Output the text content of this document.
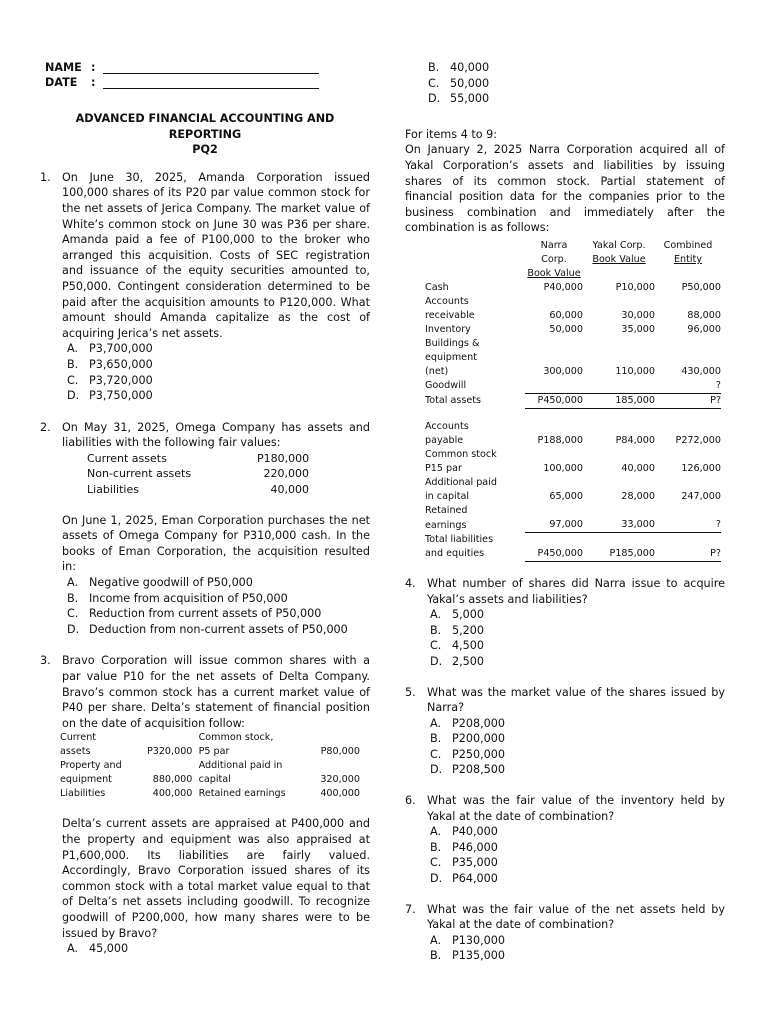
NAME :
DATE	:
ADVANCED FINANCIAL ACCOUNTING AND
REPORTING
PQ2
1. On June 30, 2025, Amanda Corporation issued 100,000 shares of its P20 par value common stock for the net assets of Jerica Company. The market value of White’s common stock on June 30 was P36 per share. Amanda paid a fee of P100,000 to the broker who arranged this acquisition. Costs of SEC registration and issuance of the equity securities amounted to, P50,000. Contingent consideration determined to be paid after the acquisition amounts to P120,000. What amount should Amanda capitalize as the cost of acquiring Jerica’s net assets.
A. P3,700,000
B. P3,650,000
C. P3,720,000
D. P3,750,000
2. On May 31, 2025, Omega Company has assets and liabilities with the following fair values:
Current assets	P180,000
Non-current assets	220,000
Liabilities	40,000
On June 1, 2025, Eman Corporation purchases the net assets of Omega Company for P310,000 cash. In the books of Eman Corporation, the acquisition resulted in:
A. Negative goodwill of P50,000
B. Income from acquisition of P50,000
C. Reduction from current assets of P50,000
D. Deduction from non-current assets of P50,000
3. Bravo Corporation will issue common shares with a par value P10 for the net assets of Delta Company. Bravo’s common stock has a current market value of P40 per share. Delta’s statement of financial position on the date of acquisition follow:
Current			Common stock,	
assets	P320,000		P5 par	P80,000
Property and			Additional paid in	
equipment	880,000		capital	320,000
Liabilities	400,000		Retained earnings	400,000
Delta’s current assets are appraised at P400,000 and the property and equipment was also appraised at P1,600,000. Its liabilities are fairly valued. Accordingly, Bravo Corporation issued shares of its common stock with a total market value equal to that of Delta’s net assets including goodwill. To recognize goodwill of P200,000, how many shares were to be issued by Bravo?
A. 45,000
B. 40,000
C. 50,000
D. 55,000
For items 4 to 9:
On January 2, 2025 Narra Corporation acquired all of Yakal Corporation’s assets and liabilities by issuing shares of its common stock. Partial statement of financial position data for the companies prior to the business combination and immediately after the combination is as follows:
	Narra	Yakal Corp.	Combined
	Corp.	Book Value	Entity
	Book Value		
Cash	P40,000	P10,000	P50,000
Accounts			
receivable	60,000	30,000	88,000
Inventory	50,000	35,000	96,000
Buildings &			
equipment			
(net)	300,000	110,000	430,000
Goodwill			?
Total assets	P450,000	185,000	P?

Accounts			
payable	P188,000	P84,000	P272,000
Common stock			
P15 par	100,000	40,000	126,000
Additional paid			
in capital	65,000	28,000	247,000
Retained			
earnings	97,000	33,000	?
Total liabilities			
and equities	P450,000	P185,000	P?
4. What number of shares did Narra issue to acquire Yakal’s assets and liabilities?
A. 5,000
B. 5,200
C. 4,500
D. 2,500
5. What was the market value of the shares issued by Narra?
A. P208,000
B. P200,000
C. P250,000
D. P208,500
6. What was the fair value of the inventory held by Yakal at the date of combination?
A. P40,000
B. P46,000
C. P35,000
D. P64,000
7. What was the fair value of the net assets held by Yakal at the date of combination?
A. P130,000
B. P135,000
